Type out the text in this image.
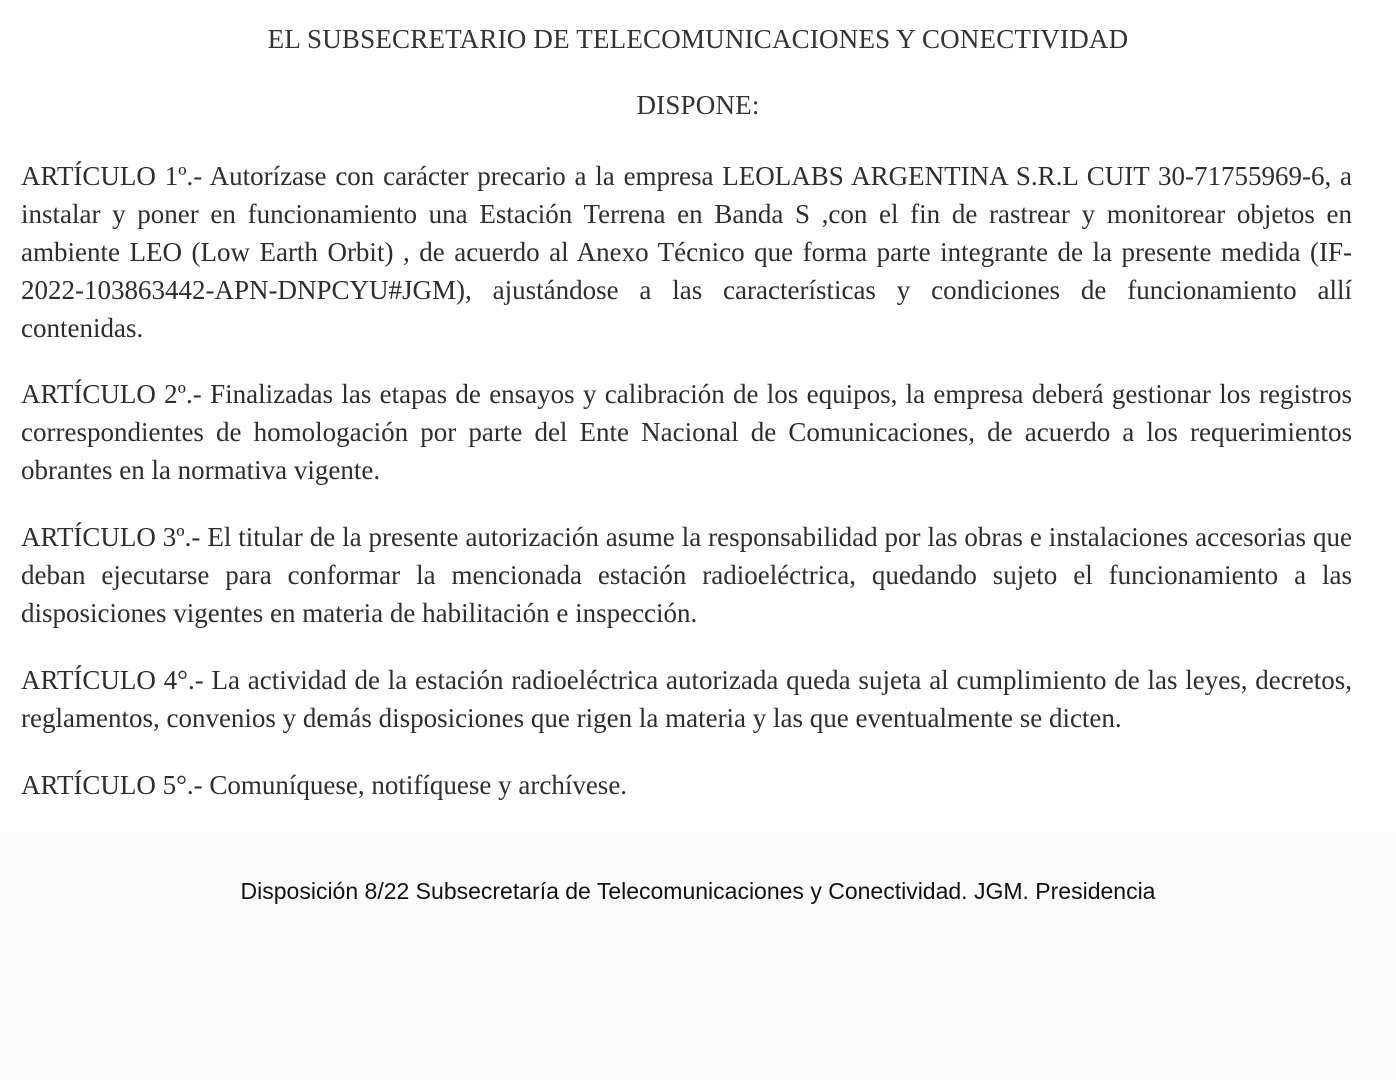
EL SUBSECRETARIO DE TELECOMUNICACIONES Y CONECTIVIDAD
DISPONE:

ARTÍCULO 1º.- Autorízase con carácter precario a la empresa LEOLABS ARGENTINA S.R.L CUIT 30-71755969-6, a instalar y poner en funcionamiento una Estación Terrena en Banda S ,con el fin de rastrear y monitorear objetos en ambiente LEO (Low Earth Orbit) , de acuerdo al Anexo Técnico que forma parte integrante de la presente medida (IF-2022-103863442-APN-DNPCYU#JGM), ajustándose a las características y condiciones de funcionamiento allí contenidas.

ARTÍCULO 2º.- Finalizadas las etapas de ensayos y calibración de los equipos, la empresa deberá gestionar los registros correspondientes de homologación por parte del Ente Nacional de Comunicaciones, de acuerdo a los requerimientos obrantes en la normativa vigente.

ARTÍCULO 3º.- El titular de la presente autorización asume la responsabilidad por las obras e instalaciones accesorias que deban ejecutarse para conformar la mencionada estación radioeléctrica, quedando sujeto el funcionamiento a las disposiciones vigentes en materia de habilitación e inspección.

ARTÍCULO 4°.- La actividad de la estación radioeléctrica autorizada queda sujeta al cumplimiento de las leyes, decretos, reglamentos, convenios y demás disposiciones que rigen la materia y las que eventualmente se dicten.

ARTÍCULO 5°.- Comuníquese, notifíquese y archívese.

Disposición 8/22 Subsecretaría de Telecomunicaciones y Conectividad. JGM. Presidencia
